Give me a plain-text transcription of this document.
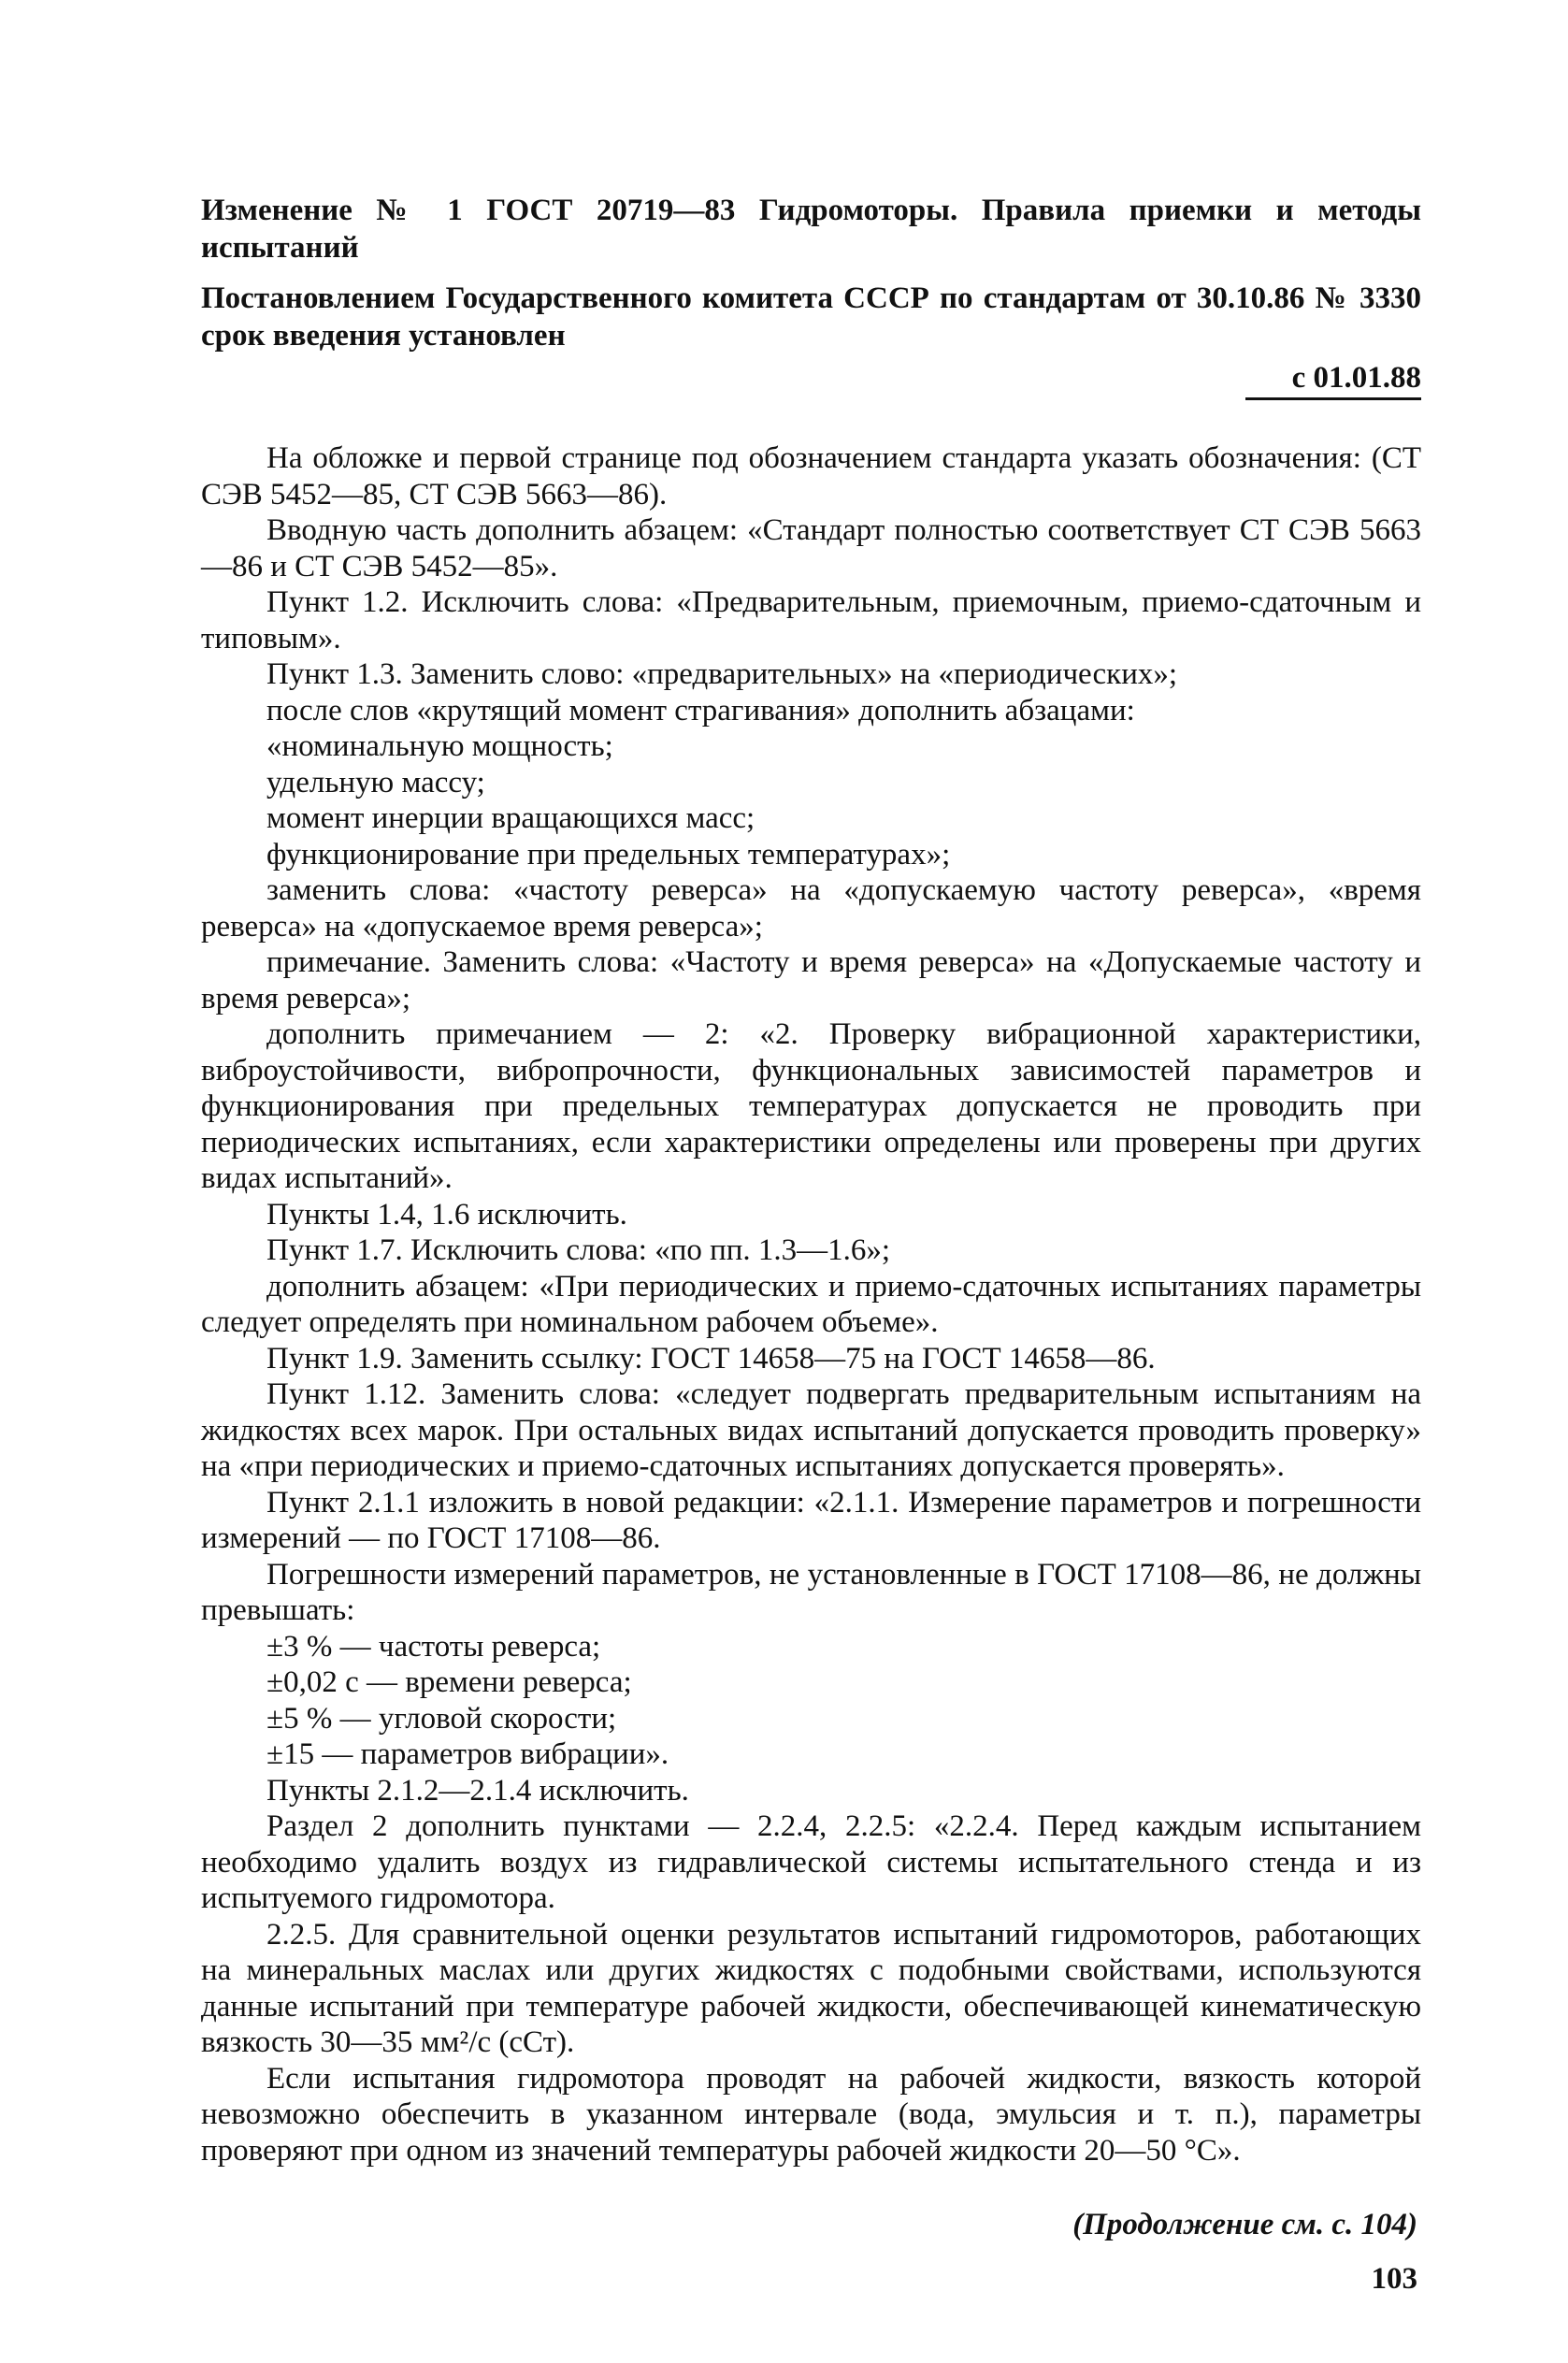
Изменение № 1 ГОСТ 20719—83 Гидромоторы. Правила приемки и методы испытаний

Постановлением Государственного комитета СССР по стандартам от 30.10.86 № 3330 срок введения установлен

с 01.01.88

На обложке и первой странице под обозначением стандарта указать обозначения: (СТ СЭВ 5452—85, СТ СЭВ 5663—86).

Вводную часть дополнить абзацем: «Стандарт полностью соответствует СТ СЭВ 5663—86 и СТ СЭВ 5452—85».

Пункт 1.2. Исключить слова: «Предварительным, приемочным, приемо-сдаточным и типовым».

Пункт 1.3. Заменить слово: «предварительных» на «периодических»;

после слов «крутящий момент страгивания» дополнить абзацами:

«номинальную мощность;

удельную массу;

момент инерции вращающихся масс;

функционирование при предельных температурах»;

заменить слова: «частоту реверса» на «допускаемую частоту реверса», «время реверса» на «допускаемое время реверса»;

примечание. Заменить слова: «Частоту и время реверса» на «Допускаемые частоту и время реверса»;

дополнить примечанием — 2: «2. Проверку вибрационной характеристики, виброустойчивости, вибропрочности, функциональных зависимостей параметров и функционирования при предельных температурах допускается не проводить при периодических испытаниях, если характеристики определены или проверены при других видах испытаний».

Пункты 1.4, 1.6 исключить.

Пункт 1.7. Исключить слова: «по пп. 1.3—1.6»;

дополнить абзацем: «При периодических и приемо-сдаточных испытаниях параметры следует определять при номинальном рабочем объеме».

Пункт 1.9. Заменить ссылку: ГОСТ 14658—75 на ГОСТ 14658—86.

Пункт 1.12. Заменить слова: «следует подвергать предварительным испытаниям на жидкостях всех марок. При остальных видах испытаний допускается проводить проверку» на «при периодических и приемо-сдаточных испытаниях допускается проверять».

Пункт 2.1.1 изложить в новой редакции: «2.1.1. Измерение параметров и погрешности измерений — по ГОСТ 17108—86.

Погрешности измерений параметров, не установленные в ГОСТ 17108—86, не должны превышать:

±3 % — частоты реверса;

±0,02 с — времени реверса;

±5 % — угловой скорости;

±15 — параметров вибрации».

Пункты 2.1.2—2.1.4 исключить.

Раздел 2 дополнить пунктами — 2.2.4, 2.2.5: «2.2.4. Перед каждым испытанием необходимо удалить воздух из гидравлической системы испытательного стенда и из испытуемого гидромотора.

2.2.5. Для сравнительной оценки результатов испытаний гидромоторов, работающих на минеральных маслах или других жидкостях с подобными свойствами, используются данные испытаний при температуре рабочей жидкости, обеспечивающей кинематическую вязкость 30—35 мм²/с (сСт).

Если испытания гидромотора проводят на рабочей жидкости, вязкость которой невозможно обеспечить в указанном интервале (вода, эмульсия и т. п.), параметры проверяют при одном из значений температуры рабочей жидкости 20—50 °С».

(Продолжение см. с. 104)
103
